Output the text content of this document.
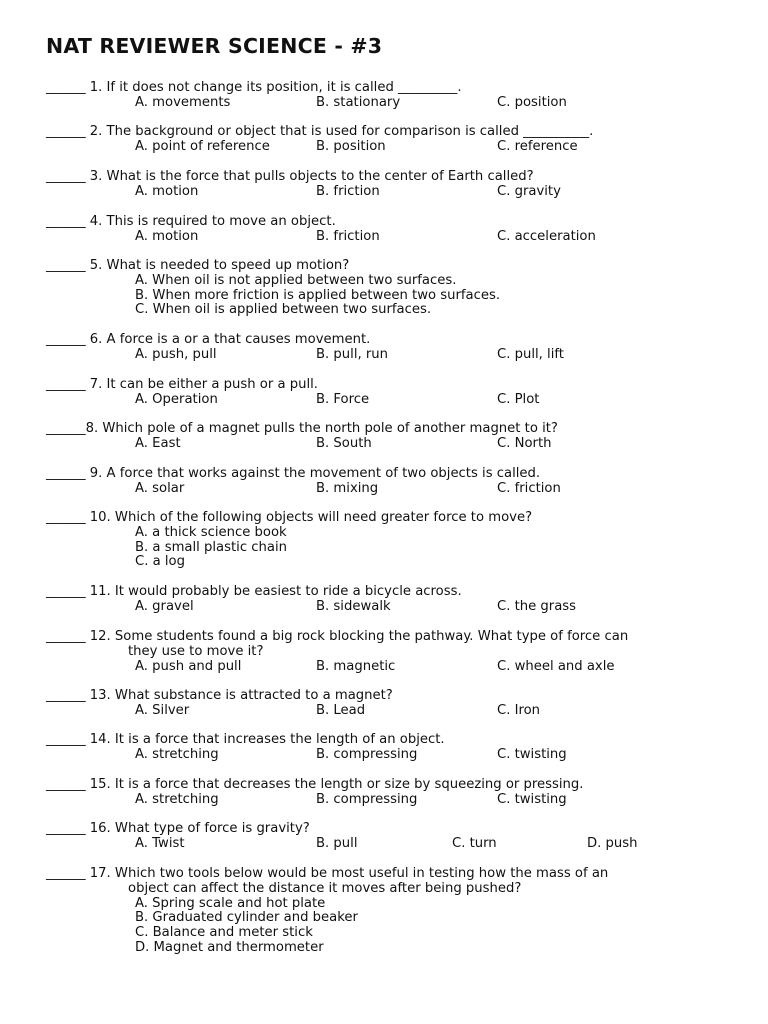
NAT REVIEWER SCIENCE - #3
______ 1. If it does not change its position, it is called _________.
A. movements	B. stationary	C. position
______ 2. The background or object that is used for comparison is called __________.
A. point of reference	B. position	C. reference
______ 3. What is the force that pulls objects to the center of Earth called?
A. motion	B. friction	C. gravity
______ 4. This is required to move an object.
A. motion	B. friction	C. acceleration
______ 5. What is needed to speed up motion?
A. When oil is not applied between two surfaces.
B. When more friction is applied between two surfaces.
C. When oil is applied between two surfaces.
______ 6. A force is a or a that causes movement.
A. push, pull	B. pull, run	C. pull, lift
______ 7. It can be either a push or a pull.
A. Operation	B. Force	C. Plot
______8. Which pole of a magnet pulls the north pole of another magnet to it?
A. East	B. South	C. North
______ 9. A force that works against the movement of two objects is called.
A. solar	B. mixing	C. friction
______ 10. Which of the following objects will need greater force to move?
A. a thick science book
B. a small plastic chain
C. a log
______ 11. It would probably be easiest to ride a bicycle across.
A. gravel	B. sidewalk	C. the grass
______ 12. Some students found a big rock blocking the pathway. What type of force can
they use to move it?
A. push and pull	B. magnetic	C. wheel and axle
______ 13. What substance is attracted to a magnet?
A. Silver	B. Lead	C. Iron
______ 14. It is a force that increases the length of an object.
A. stretching	B. compressing	C. twisting
______ 15. It is a force that decreases the length or size by squeezing or pressing.
A. stretching	B. compressing	C. twisting
______ 16. What type of force is gravity?
A. Twist	B. pull	C. turn	D. push
______ 17. Which two tools below would be most useful in testing how the mass of an
object can affect the distance it moves after being pushed?
A. Spring scale and hot plate
B. Graduated cylinder and beaker
C. Balance and meter stick
D. Magnet and thermometer
